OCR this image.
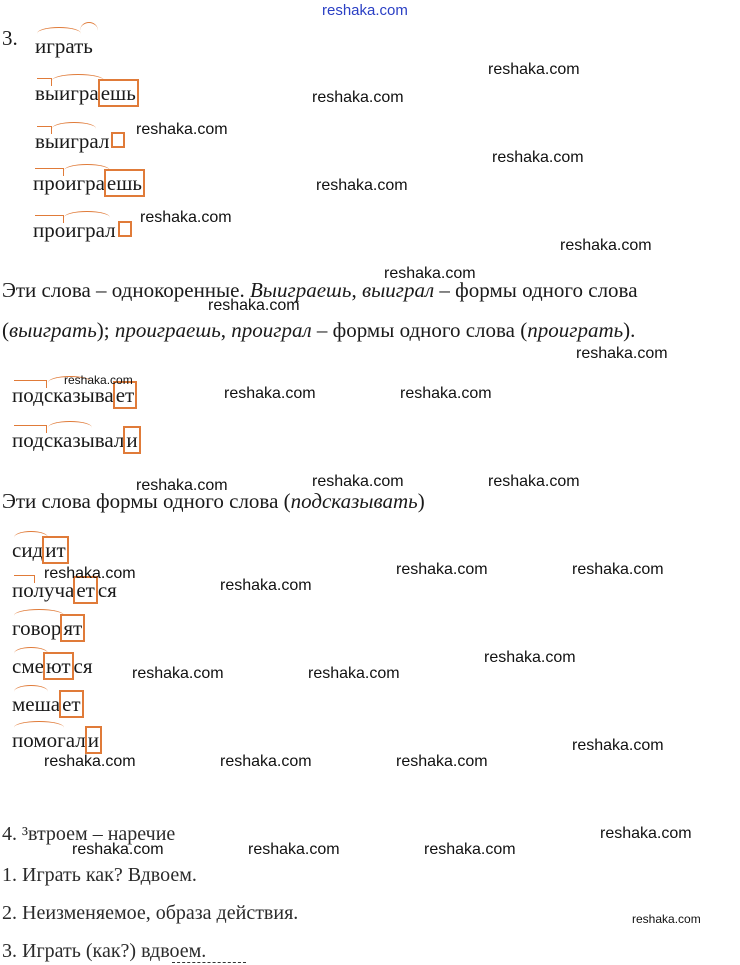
reshaka.com
3. играть
выиграешь
выиграл
проиграешь
проиграл
Эти слова – однокоренные. Выиграешь, выиграл – формы одного слова
(выиграть); проиграешь, проиграл – формы одного слова (проиграть).
подсказывает
подсказывали
Эти слова формы одного слова (подсказывать)
сидит
получает ся
говорят
смеют ся
мешает
помогали
4. ³втроем – наречие
1. Играть как? Вдвоем.
2. Неизменяемое, образа действия.
3. Играть (как?) вдвоем.
reshaka.com
reshaka.com
reshaka.com
reshaka.com
reshaka.com
reshaka.com
reshaka.com
reshaka.com
reshaka.com
reshaka.com
reshaka.com
reshaka.com	reshaka.com
reshaka.com	reshaka.com	reshaka.com
reshaka.com	reshaka.com
reshaka.com
reshaka.com
reshaka.com
reshaka.com	reshaka.com
reshaka.com
reshaka.com	reshaka.com	reshaka.com
reshaka.com
reshaka.com	reshaka.com	reshaka.com
reshaka.com
